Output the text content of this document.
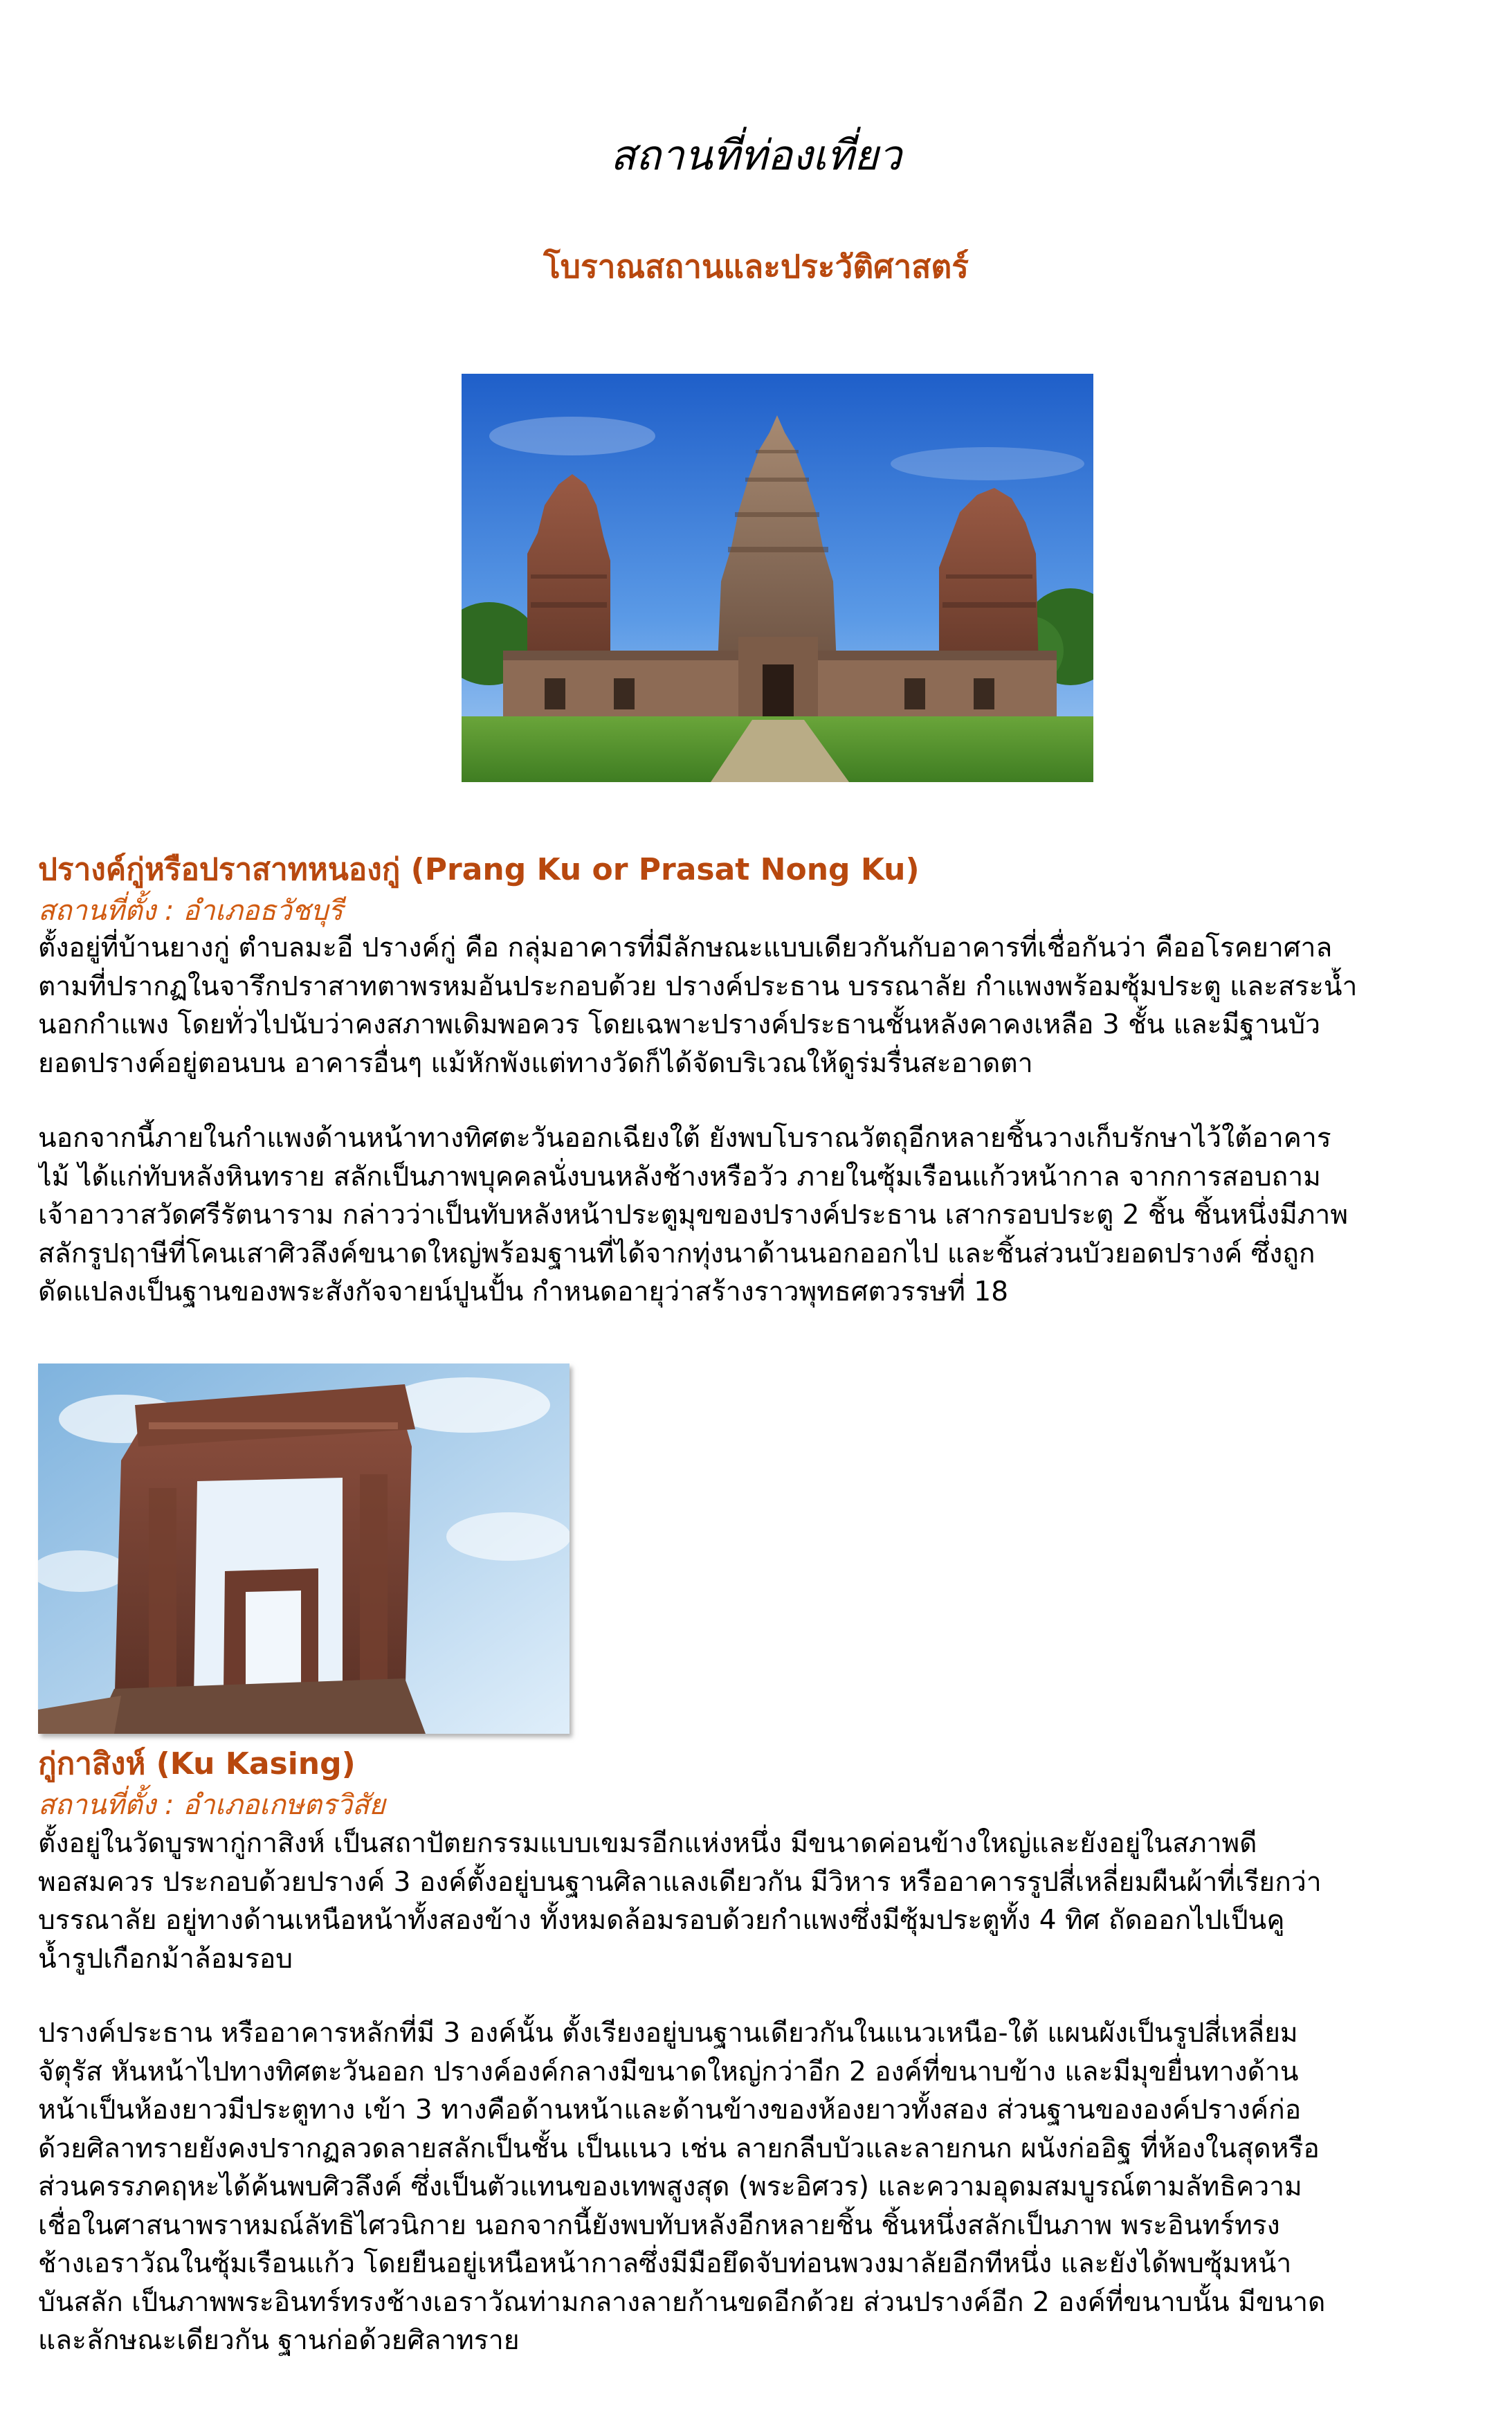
สถานที่ท่องเที่ยว
โบราณสถานและประวัติศาสตร์
ปรางค์กู่หรือปราสาทหนองกู่ (Prang Ku or Prasat Nong Ku)
สถานที่ตั้ง : อำเภอธวัชบุรี
ตั้งอยู่ที่บ้านยางกู่ ตำบลมะอี ปรางค์กู่ คือ กลุ่มอาคารที่มีลักษณะแบบเดียวกันกับอาคารที่เชื่อกันว่า คืออโรคยาศาล
ตามที่ปรากฏในจารึกปราสาทตาพรหมอันประกอบด้วย ปรางค์ประธาน บรรณาลัย กำแพงพร้อมซุ้มประตู และสระน้ำ
นอกกำแพง โดยทั่วไปนับว่าคงสภาพเดิมพอควร โดยเฉพาะปรางค์ประธานชั้นหลังคาคงเหลือ 3 ชั้น และมีฐานบัว
ยอดปรางค์อยู่ตอนบน อาคารอื่นๆ แม้หักพังแต่ทางวัดก็ได้จัดบริเวณให้ดูร่มรื่นสะอาดตา
นอกจากนี้ภายในกำแพงด้านหน้าทางทิศตะวันออกเฉียงใต้ ยังพบโบราณวัตถุอีกหลายชิ้นวางเก็บรักษาไว้ใต้อาคาร
ไม้ ได้แก่ทับหลังหินทราย สลักเป็นภาพบุคคลนั่งบนหลังช้างหรือวัว ภายในซุ้มเรือนแก้วหน้ากาล จากการสอบถาม
เจ้าอาวาสวัดศรีรัตนาราม กล่าวว่าเป็นทับหลังหน้าประตูมุขของปรางค์ประธาน เสากรอบประตู 2 ชิ้น ชิ้นหนึ่งมีภาพ
สลักรูปฤาษีที่โคนเสาศิวลึงค์ขนาดใหญ่พร้อมฐานที่ได้จากทุ่งนาด้านนอกออกไป และชิ้นส่วนบัวยอดปรางค์ ซึ่งถูก
ดัดแปลงเป็นฐานของพระสังกัจจายน์ปูนปั้น กำหนดอายุว่าสร้างราวพุทธศตวรรษที่ 18
กู่กาสิงห์ (Ku Kasing)
สถานที่ตั้ง : อำเภอเกษตรวิสัย
ตั้งอยู่ในวัดบูรพากู่กาสิงห์ เป็นสถาปัตยกรรมแบบเขมรอีกแห่งหนึ่ง มีขนาดค่อนข้างใหญ่และยังอยู่ในสภาพดี
พอสมควร ประกอบด้วยปรางค์ 3 องค์ตั้งอยู่บนฐานศิลาแลงเดียวกัน มีวิหาร หรืออาคารรูปสี่เหลี่ยมผืนผ้าที่เรียกว่า
บรรณาลัย อยู่ทางด้านเหนือหน้าทั้งสองข้าง ทั้งหมดล้อมรอบด้วยกำแพงซึ่งมีซุ้มประตูทั้ง 4 ทิศ ถัดออกไปเป็นคู
น้ำรูปเกือกม้าล้อมรอบ
ปรางค์ประธาน หรืออาคารหลักที่มี 3 องค์นั้น ตั้งเรียงอยู่บนฐานเดียวกันในแนวเหนือ-ใต้ แผนผังเป็นรูปสี่เหลี่ยม
จัตุรัส หันหน้าไปทางทิศตะวันออก ปรางค์องค์กลางมีขนาดใหญ่กว่าอีก 2 องค์ที่ขนาบข้าง และมีมุขยื่นทางด้าน
หน้าเป็นห้องยาวมีประตูทาง เข้า 3 ทางคือด้านหน้าและด้านข้างของห้องยาวทั้งสอง ส่วนฐานขององค์ปรางค์ก่อ
ด้วยศิลาทรายยังคงปรากฏลวดลายสลักเป็นชั้น เป็นแนว เช่น ลายกลีบบัวและลายกนก ผนังก่ออิฐ ที่ห้องในสุดหรือ
ส่วนครรภคฤหะได้ค้นพบศิวลึงค์ ซึ่งเป็นตัวแทนของเทพสูงสุด (พระอิศวร) และความอุดมสมบูรณ์ตามลัทธิความ
เชื่อในศาสนาพราหมณ์ลัทธิไศวนิกาย นอกจากนี้ยังพบทับหลังอีกหลายชิ้น ชิ้นหนึ่งสลักเป็นภาพ พระอินทร์ทรง
ช้างเอราวัณในซุ้มเรือนแก้ว โดยยืนอยู่เหนือหน้ากาลซึ่งมีมือยึดจับท่อนพวงมาลัยอีกทีหนึ่ง และยังได้พบซุ้มหน้า
บันสลัก เป็นภาพพระอินทร์ทรงช้างเอราวัณท่ามกลางลายก้านขดอีกด้วย ส่วนปรางค์อีก 2 องค์ที่ขนาบนั้น มีขนาด
และลักษณะเดียวกัน ฐานก่อด้วยศิลาทราย
